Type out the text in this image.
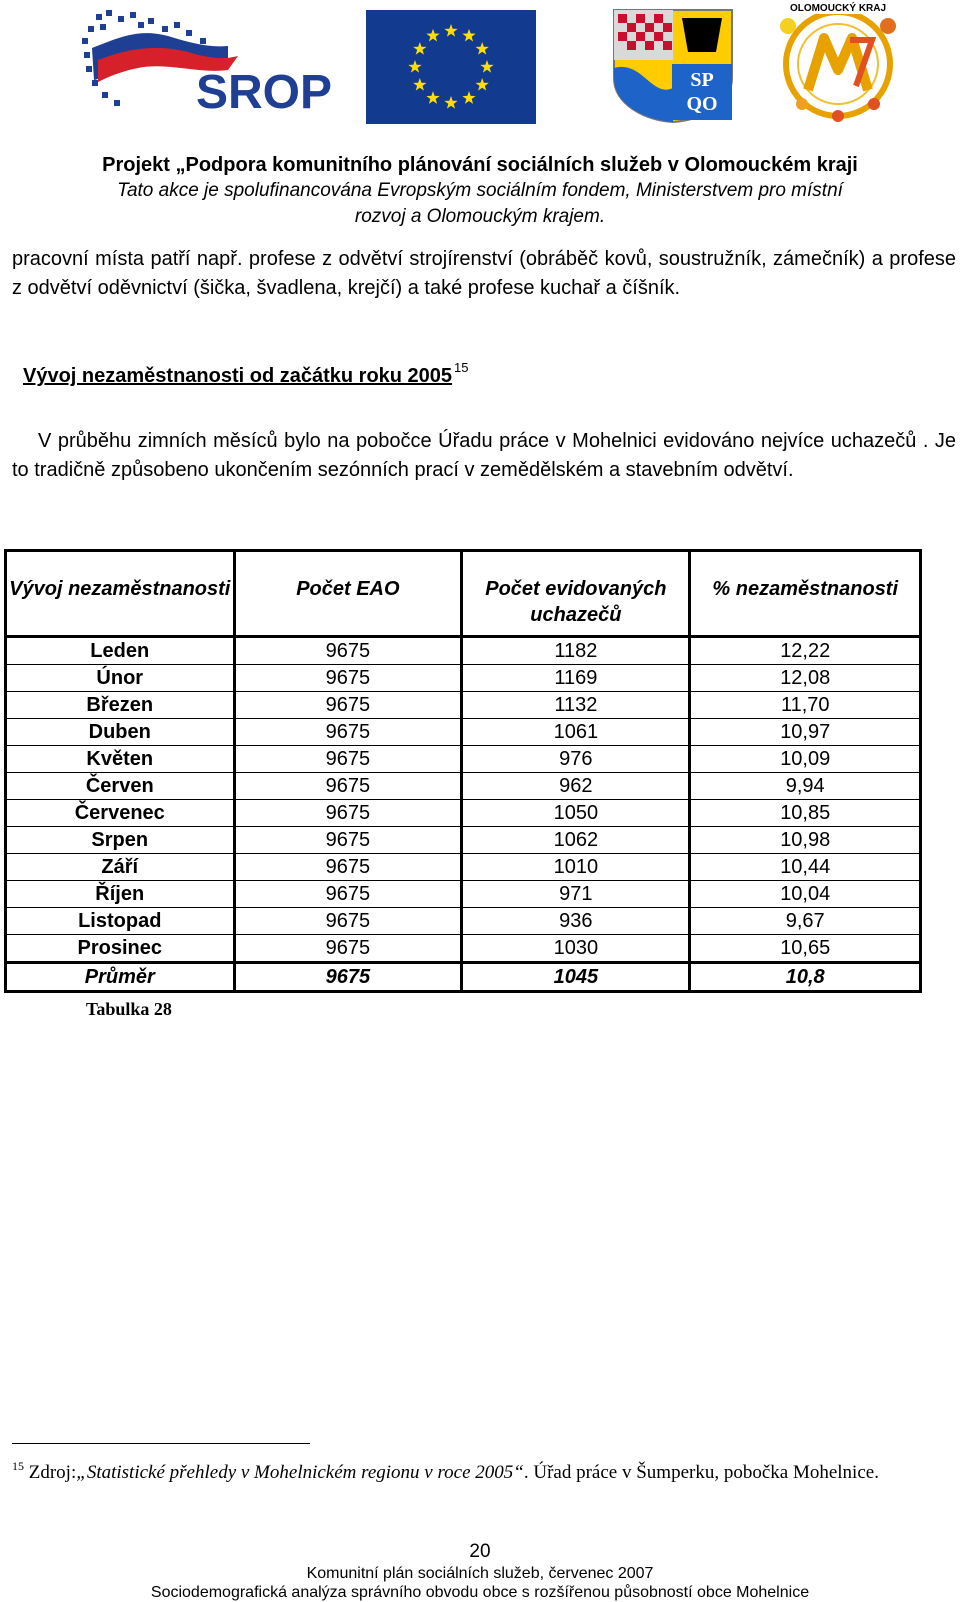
SROP	SP
QO
OLOMOUCKÝ KRAJ
Projekt „Podpora komunitního plánování sociálních služeb v Olomouckém kraji
Tato akce je spolufinancována Evropským sociálním fondem, Ministerstvem pro místní
rozvoj a Olomouckým krajem.
pracovní místa patří např. profese z odvětví strojírenství (obráběč kovů, soustružník, zámečník) a profese z odvětví oděvnictví (šička, švadlena, krejčí) a také profese kuchař a číšník.
Vývoj nezaměstnanosti od začátku roku 2005 $^{15}$
V průběhu zimních měsíců bylo na pobočce Úřadu práce v Mohelnici evidováno nejvíce uchazečů . Je to tradičně způsobeno ukončením sezónních prací v zemědělském a stavebním odvětví.
Vývoj nezaměstnanosti	Počet EAO	Počet evidovaných uchazečů	% nezaměstnanosti
Leden	9675	1182	12,22
Únor	9675	1169	12,08
Březen	9675	1132	11,70
Duben	9675	1061	10,97
Květen	9675	976	10,09
Červen	9675	962	9,94
Červenec	9675	1050	10,85
Srpen	9675	1062	10,98
Září	9675	1010	10,44
Říjen	9675	971	10,04
Listopad	9675	936	9,67
Prosinec	9675	1030	10,65
Průměr	9675	1045	10,8
Tabulka 28
$^{15}$ Zdroj:„Statistické přehledy v Mohelnickém regionu v roce 2005“. Úřad práce v Šumperku, pobočka Mohelnice.
20
Komunitní plán sociálních služeb, červenec 2007
Sociodemografická analýza správního obvodu obce s rozšířenou působností obce Mohelnice
